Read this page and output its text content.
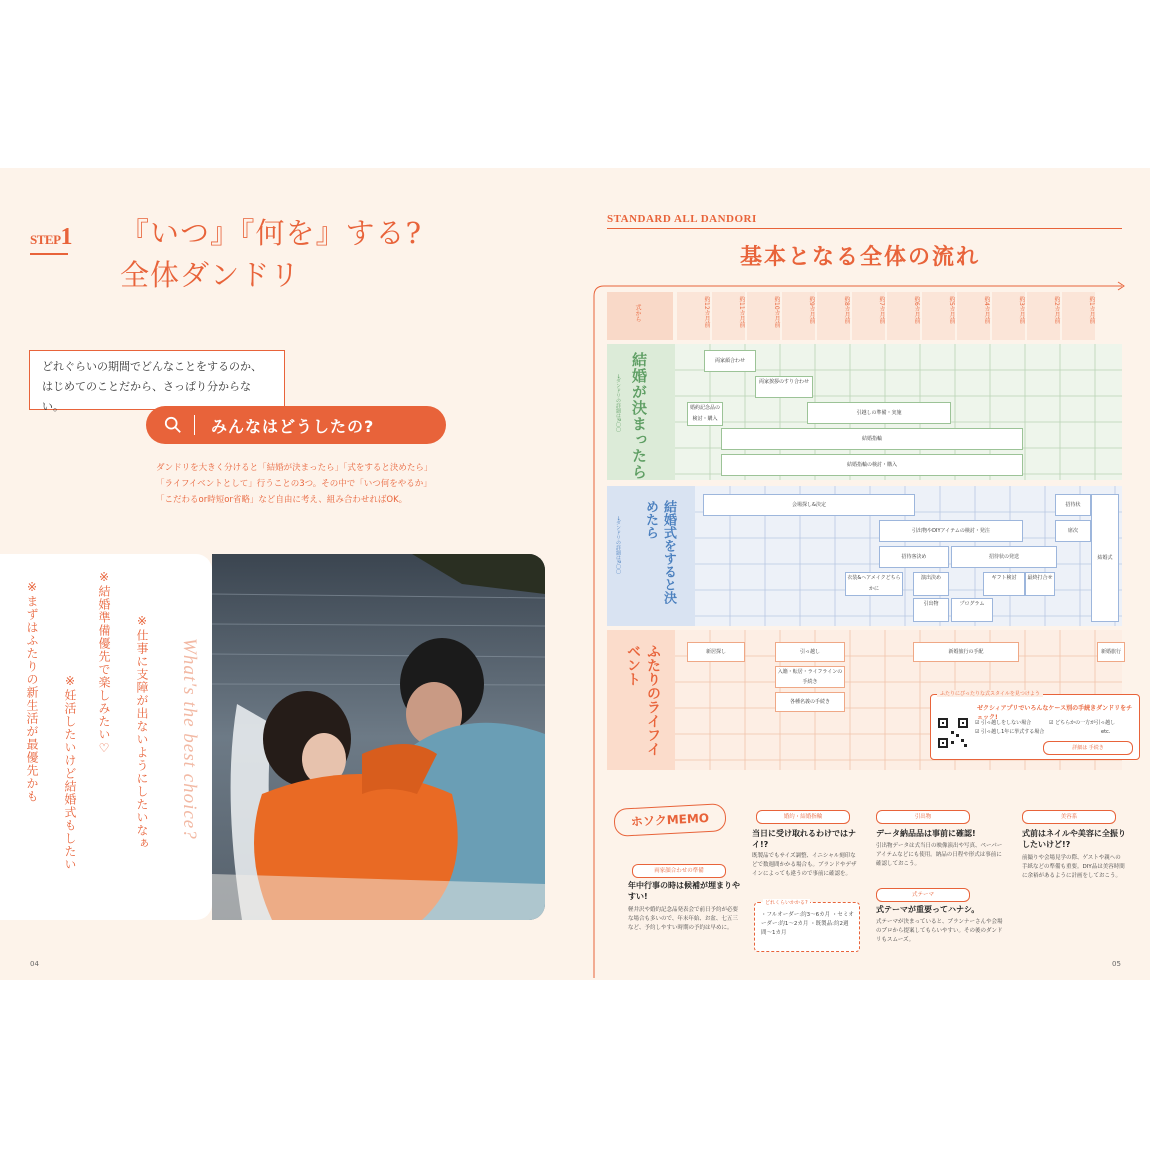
STEP1 『いつ』『何を』する?
全体ダンドリ
どれぐらいの期間でどんなことをするのか、
はじめてのことだから、さっぱり分からない。
みんなはどうしたの?
ダンドリを大きく分けると「結婚が決まったら」「式をすると決めたら」
「ライフイベントとして」行うことの3つ。その中で「いつ何をやるか」
「こだわるor時短or省略」など自由に考え、組み合わせればOK。
※まずはふたりの新生活が最優先かも ※妊活したいけど結婚式もしたい
※結婚準備優先で楽しみたい♡ ※仕事に支障が出ないようにしたいなぁ What's the best choice?
04
STANDARD ALL DANDORI
基本となる全体の流れ
式から	約12カ月前	約11カ月前	約10カ月前	約9カ月前	約8カ月前	約7カ月前	約6カ月前	約5カ月前	約4カ月前	約3カ月前	約2カ月前	約1カ月前
結婚が決まったら
→ダンドリの詳細はP.〇〇
両家顔合わせ
両家挨拶のすり合わせ
婚約記念品の検討・購入
引越しの準備・実施
結婚指輪
結婚指輪の検討・購入
結婚式をすると決めたら
→ダンドリの詳細はP.〇〇
会場探し&決定	招待状
席次
引出物やDIYアイテムの検討・発注
招待客決め	招待状の発送
衣装&ヘアメイクどちらかに
演出決め
引出物
ギフト検討
プログラム
最終打合せ
結婚式
ふたりのライフイベント	新居探し	引っ越し
入籍・転居・ライフラインの手続き
新婚旅行の手配
各種名義の手続き
新婚旅行
ふたりにぴったりな式スタイルを見つけよう
ゼクシィアプリでいろんなケース別の手続きダンドリをチェック!
☑ 引っ越しをしない場合	☑ どちらかの一方が引っ越し
☑ 引っ越し1年に挙式する場合	etc.
詳細は 手続き
ホソクMEMO
両家顔合わせの準備
年中行事の時は候補が埋まりやすい!
軽井沢や婚約記念品発表会で前日予約が必要な場合も多いので、年末年始、お盆、七五三など、予約しやすい時期の予約は早めに。
婚約・結婚指輪
当日に受け取れるわけではナイ!?
既製品でもサイズ調整、イニシャル刻印などで数週間かかる場合も。ブランドやデザインによっても違うので事前に確認を。
どれくらいかかる?
・フルオーダー:約3〜6カ月 ・セミオーダー:約1〜2カ月 ・既製品:約2週間〜1カ月
引出物
データ納品品は事前に確認!
引出物データは式当日の映像演出や写真、ペーパーアイテムなどにも使用。納品の日程や形式は事前に確認しておこう。
式テーマ
式テーマが重要ってハナシ。
式テーマが決まっていると、プランナーさんや会場のプロから提案してもらいやすい。その後のダンドリもスムーズ。
美容系
式前はネイルや美容に全振りしたいけど!?
前撮りや会場見学の際、ゲストや親への手紙などの準備も重要。DIY品は美容時間に余裕があるように計画をしておこう。
05
